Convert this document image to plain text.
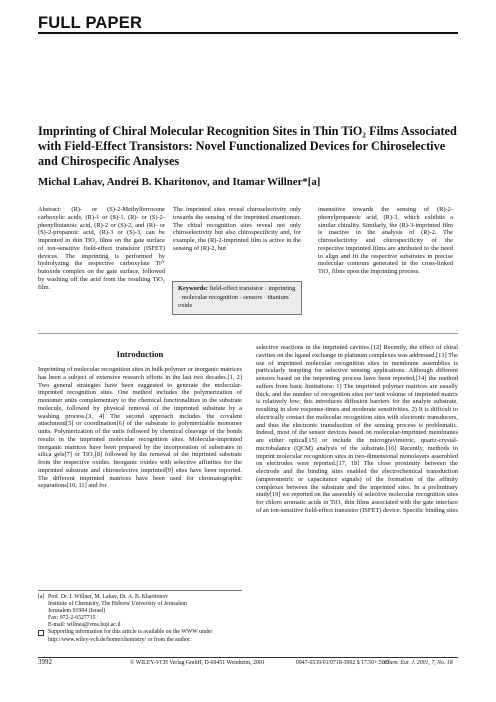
FULL PAPER
Imprinting of Chiral Molecular Recognition Sites in Thin TiO₂ Films Associated with Field-Effect Transistors: Novel Functionalized Devices for Chiroselective and Chirospecific Analyses
Michal Lahav, Andrei B. Kharitonov, and Itamar Willner*[a]
Abstract: (R)- or (S)-2-Methylferrocene carboxylic acids, (R)-1 or (S)-1, (R)- or (S)-2-phenylbutanoic acid, (R)-2 or (S)-2, and (R)- or (S)-2-propanoic acid, (R)-3 or (S)-3, can be imprinted in thin TiO₂ films on the gate surface of ion-sensitive field-effect transistor (ISFET) devices. The imprinting is performed by hydrolyzing the respective carboxylate Tiᴵⱽ butoxide complex on the gate surface, followed by washing off the acid from the resulting TiO₂ film.
The imprinted sites reveal chiroselectivity only towards the sensing of the imprinted enantiomer. The chiral recognition sites reveal not only chiroselectivity but also chirospecificity and, for example, the (R)-2-imprinted film is active in the sensing of (R)-2, but
insensitive towards the sensing of (R)-2-phenylpropanoic acid, (R)-3, which exhibits a similar chirality. Similarly, the (R)-3-imprinted film is inactive in the analysis of (R)-2. The chiroselectivity and chirospecificity of the respective imprinted films are attributed to the need to align and fit the respective substrates in precise molecular contours generated in the cross-linked TiO₂ films upon the imprinting process.
Keywords: field-effect transistor · imprinting · molecular recognition · sensors · titanium oxide
Introduction
Imprinting of molecular recognition sites in bulk polymer or inorganic matrices has been a subject of extensive research efforts in the last two decades.[1, 2] Two general strategies have been suggested to generate the molecular-imprinted recognition sites. One method includes the polymerization of monomer units complementary to the chemical functionalities in the substrate molecule, followed by physical removal of the imprinted substrate by a washing process.[3, 4] The second approach includes the covalent attachment[5] or coordination[6] of the substrate to polymerizable monomer units. Polymerization of the units followed by chemical cleavage of the bonds results in the imprinted molecular recognition sites. Molecular-imprinted inorganic matrices have been prepared by the incorporation of substrates in silica gels[7] or TiO₂[8] followed by the removal of the imprinted substrate from the respective oxides. Inorganic oxides with selective affinities for the imprinted substrate and chiroselective imprinted[9] sites have been reported. The different imprinted matrices have been used for chromatographic separations[10, 11] and for
selective reactions in the imprinted cavities.[12] Recently, the effect of chiral cavities on the ligand exchange in platinum complexes was addressed.[13] The use of imprinted molecular recognition sites in membrane assemblies is particularly tempting for selective sensing applications. Although different sensors based on the imprinting process have been reported,[14] the method suffers from basic limitations: 1) The imprinted polymer matrices are usually thick, and the number of recognition sites per unit volume of imprinted matrix is relatively low; this introduces diffusion barriers for the analyte substrate, resulting in slow response-times and moderate sensitivities. 2) It is difficult to electrically contact the molecular recognition sites with electronic transducers, and thus the electronic transduction of the sensing process is problematic. Indeed, most of the sensor devices based on molecular-imprinted membranes are either optical[15] or include the microgravimetric, quartz-crystal-microbalance (QCM) analysis of the substrate.[16] Recently, methods to imprint molecular recognition sites in two-dimensional monolayers assembled on electrodes were reported.[17, 18] The close proximity between the electrode and the binding sites enabled the electrochemical transduction (amperometric or capacitance signals) of the formation of the affinity complexes between the substrate and the imprinted sites. In a preliminary study[19] we reported on the assembly of selective molecular recognition sites for chloro aromatic acids in TiO₂ thin films associated with the gate interface of an ion-sensitive field-effect transistor (ISFET) device. Specific binding sites
[a] Prof. Dr. I. Willner, M. Lahav, Dr. A. B. Kharitonov
Institute of Chemistry, The Hebrew University of Jerusalem
Jerusalem 91904 (Israel)
Fax: 972-2-6527715
E-mail: willnea@vms.huji.ac.il
Supporting information for this article is available on the WWW under http://www.wiley-vch.de/home/chemistry/ or from the author.
3992	© WILEY-VCH Verlag GmbH, D-69451 Weinheim, 2001	0947-6539/01/0718-3992 $ 17.50+.50/0
Chem. Eur. J. 2001, 7, No. 18
